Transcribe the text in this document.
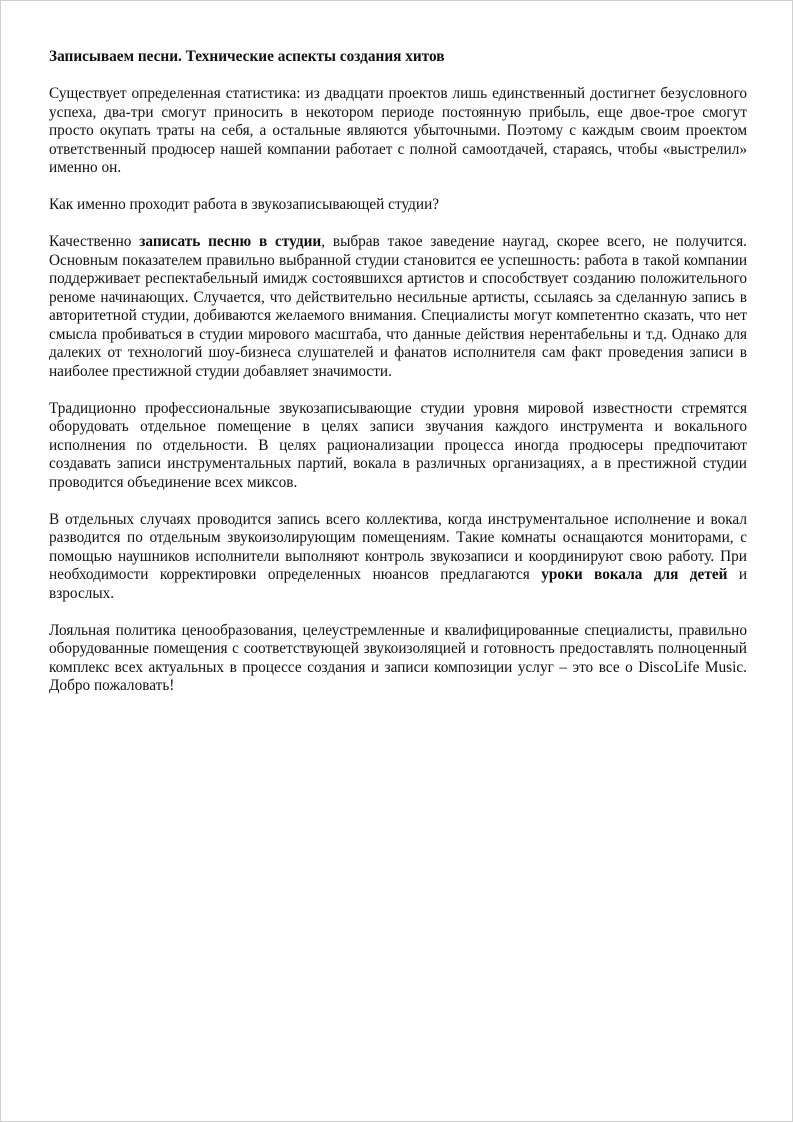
Записываем песни. Технические аспекты создания хитов

Существует определенная статистика: из двадцати проектов лишь единственный достигнет безусловного успеха, два-три смогут приносить в некотором периоде постоянную прибыль, еще двое-трое смогут просто окупать траты на себя, а остальные являются убыточными. Поэтому с каждым своим проектом ответственный продюсер нашей компании работает с полной самоотдачей, стараясь, чтобы «выстрелил» именно он.

Как именно проходит работа в звукозаписывающей студии?

Качественно записать песню в студии, выбрав такое заведение наугад, скорее всего, не получится. Основным показателем правильно выбранной студии становится ее успешность: работа в такой компании поддерживает респектабельный имидж состоявшихся артистов и способствует созданию положительного реноме начинающих. Случается, что действительно несильные артисты, ссылаясь за сделанную запись в авторитетной студии, добиваются желаемого внимания. Специалисты могут компетентно сказать, что нет смысла пробиваться в студии мирового масштаба, что данные действия нерентабельны и т.д. Однако для далеких от технологий шоу-бизнеса слушателей и фанатов исполнителя сам факт проведения записи в наиболее престижной студии добавляет значимости.

Традиционно профессиональные звукозаписывающие студии уровня мировой известности стремятся оборудовать отдельное помещение в целях записи звучания каждого инструмента и вокального исполнения по отдельности. В целях рационализации процесса иногда продюсеры предпочитают создавать записи инструментальных партий, вокала в различных организациях, а в престижной студии проводится объединение всех миксов.

В отдельных случаях проводится запись всего коллектива, когда инструментальное исполнение и вокал разводится по отдельным звукоизолирующим помещениям. Такие комнаты оснащаются мониторами, с помощью наушников исполнители выполняют контроль звукозаписи и координируют свою работу. При необходимости корректировки определенных нюансов предлагаются уроки вокала для детей и взрослых.

Лояльная политика ценообразования, целеустремленные и квалифицированные специалисты, правильно оборудованные помещения с соответствующей звукоизоляцией и готовность предоставлять полноценный комплекс всех актуальных в процессе создания и записи композиции услуг – это все о DiscoLife Music. Добро пожаловать!
